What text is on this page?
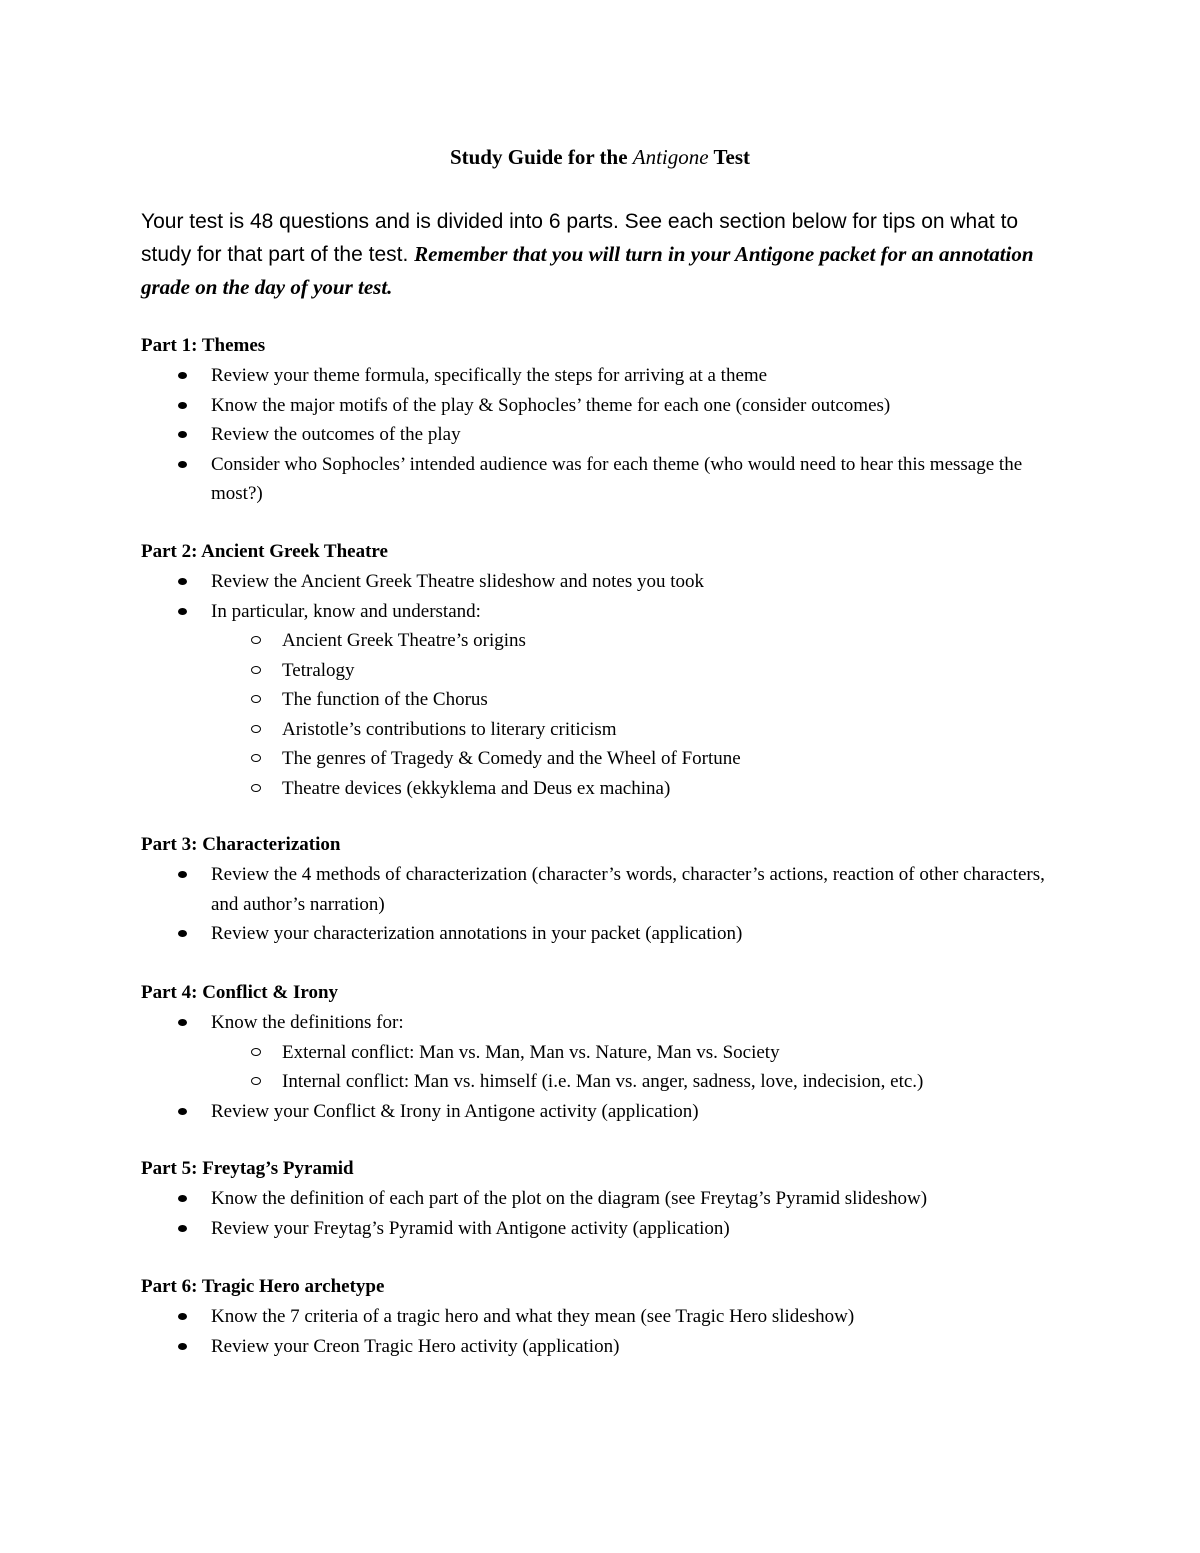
Study Guide for the Antigone Test
Your test is 48 questions and is divided into 6 parts. See each section below for tips on what to study for that part of the test. Remember that you will turn in your Antigone packet for an annotation grade on the day of your test.
Part 1: Themes
Review your theme formula, specifically the steps for arriving at a theme
Know the major motifs of the play & Sophocles’ theme for each one (consider outcomes)
Review the outcomes of the play
Consider who Sophocles’ intended audience was for each theme (who would need to hear this message the most?)
Part 2: Ancient Greek Theatre
Review the Ancient Greek Theatre slideshow and notes you took
In particular, know and understand:
Ancient Greek Theatre’s origins
Tetralogy
The function of the Chorus
Aristotle’s contributions to literary criticism
The genres of Tragedy & Comedy and the Wheel of Fortune
Theatre devices (ekkyklema and Deus ex machina)
Part 3: Characterization
Review the 4 methods of characterization (character’s words, character’s actions, reaction of other characters, and author’s narration)
Review your characterization annotations in your packet (application)
Part 4: Conflict & Irony
Know the definitions for:
External conflict: Man vs. Man, Man vs. Nature, Man vs. Society
Internal conflict: Man vs. himself (i.e. Man vs. anger, sadness, love, indecision, etc.)
Review your Conflict & Irony in Antigone activity (application)
Part 5: Freytag’s Pyramid
Know the definition of each part of the plot on the diagram (see Freytag’s Pyramid slideshow)
Review your Freytag’s Pyramid with Antigone activity (application)
Part 6: Tragic Hero archetype
Know the 7 criteria of a tragic hero and what they mean (see Tragic Hero slideshow)
Review your Creon Tragic Hero activity (application)
